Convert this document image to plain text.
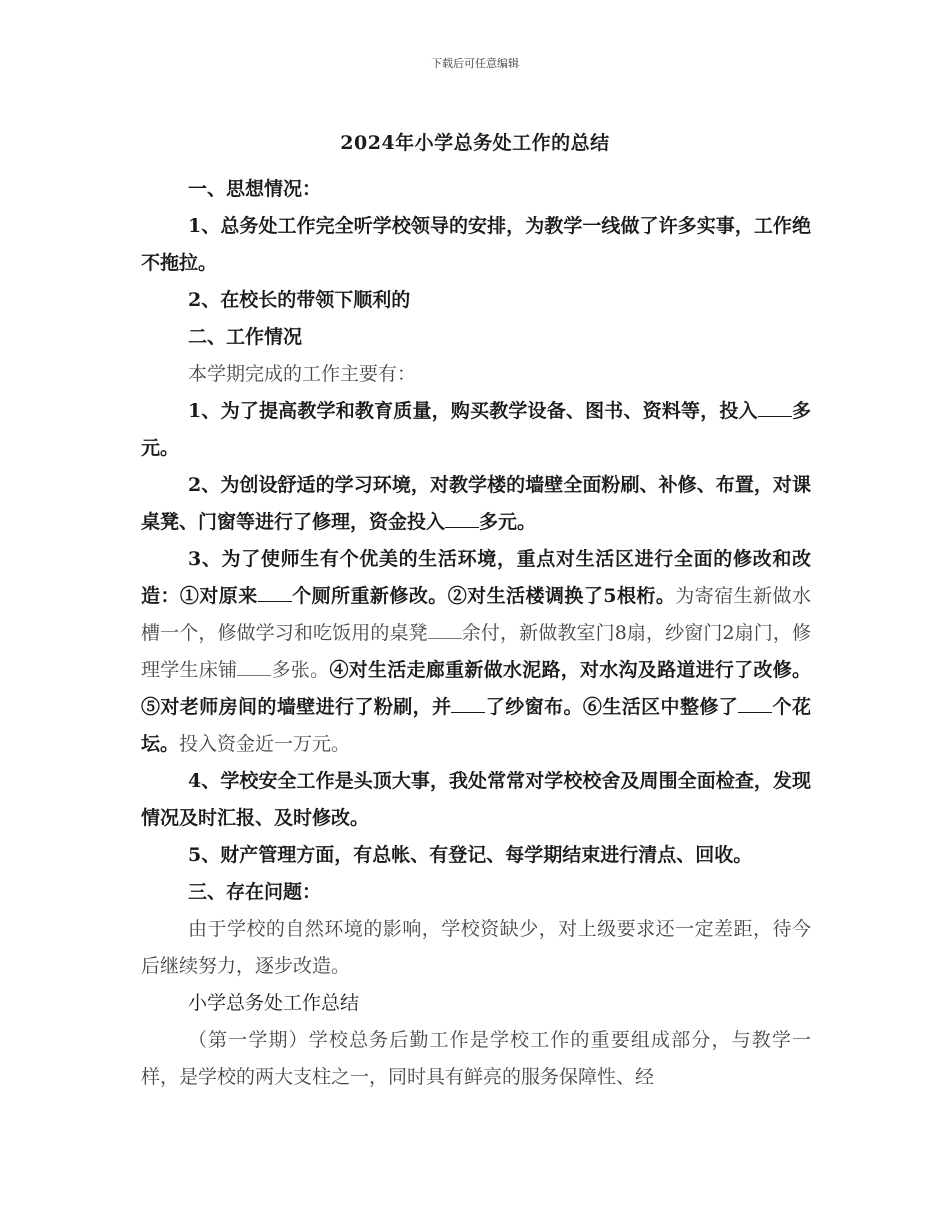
下载后可任意编辑
2024年小学总务处工作的总结

一、思想情况：

1、总务处工作完全听学校领导的安排，为教学一线做了许多实事，工作绝不拖拉。

2、在校长的带领下顺利的

二、工作情况

本学期完成的工作主要有：

1、为了提高教学和教育质量，购买教学设备、图书、资料等，投入 多元。

2、为创设舒适的学习环境，对教学楼的墙壁全面粉刷、补修、布置，对课桌凳、门窗等进行了修理，资金投入 多元。

3、为了使师生有个优美的生活环境，重点对生活区进行全面的修改和改造：①对原来 个厕所重新修改。②对生活楼调换了5根桁。为寄宿生新做水槽一个，修做学习和吃饭用的桌凳 余付，新做教室门8扇，纱窗门2扇门，修理学生床铺 多张。④对生活走廊重新做水泥路，对水沟及路道进行了改修。⑤对老师房间的墙壁进行了粉刷，并 了纱窗布。⑥生活区中整修了 个花坛。投入资金近一万元。

4、学校安全工作是头顶大事，我处常常对学校校舍及周围全面检查，发现情况及时汇报、及时修改。

5、财产管理方面，有总帐、有登记、每学期结束进行清点、回收。

三、存在问题：

由于学校的自然环境的影响，学校资缺少，对上级要求还一定差距，待今后继续努力，逐步改造。

小学总务处工作总结

（第一学期）学校总务后勤工作是学校工作的重要组成部分，与教学一样，是学校的两大支柱之一，同时具有鲜亮的服务保障性、经
